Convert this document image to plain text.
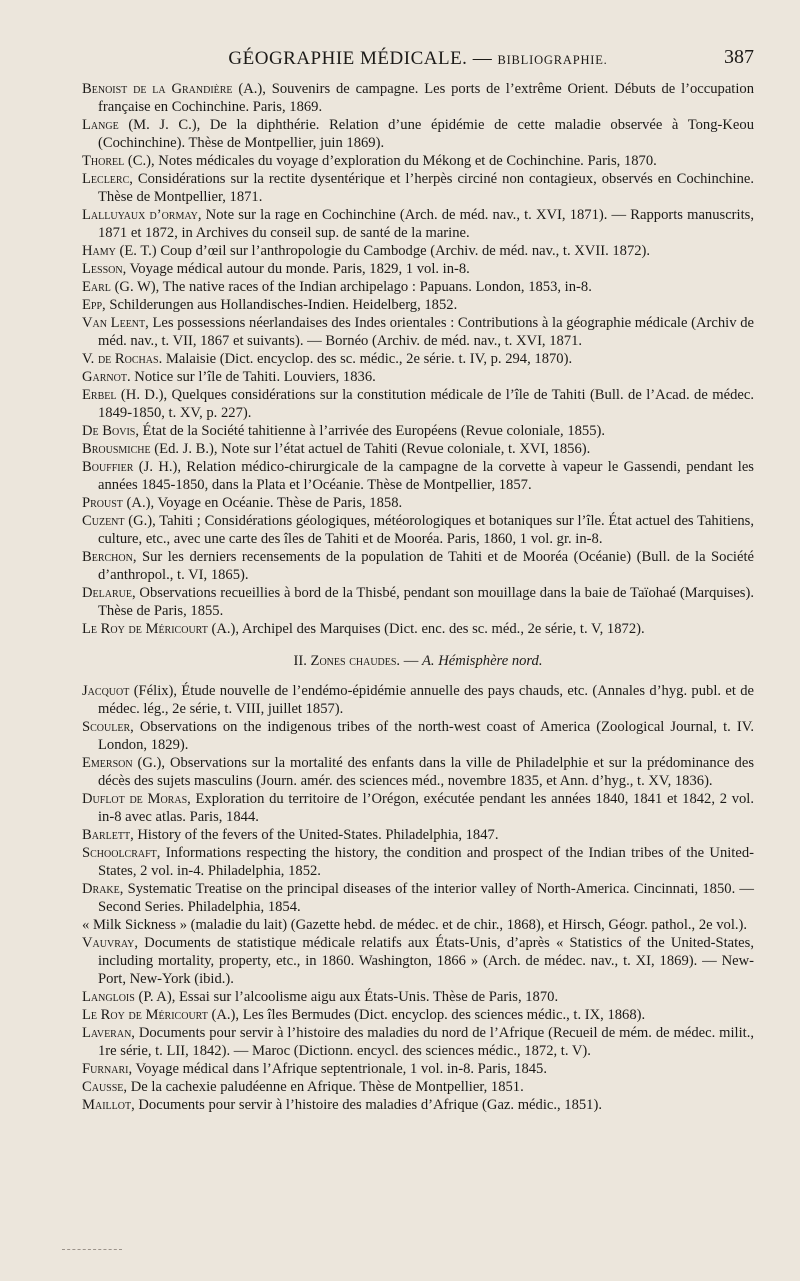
GÉOGRAPHIE MÉDICALE. — BIBLIOGRAPHIE.	387
Benoist de la Grandière (A.), Souvenirs de campagne. Les ports de l’extrême Orient. Débuts de l’occupation française en Cochinchine. Paris, 1869.
Lange (M. J. C.), De la diphthérie. Relation d’une épidémie de cette maladie observée à Tong-Keou (Cochinchine). Thèse de Montpellier, juin 1869).
Thorel (C.), Notes médicales du voyage d’exploration du Mékong et de Cochinchine. Paris, 1870.
Leclerc, Considérations sur la rectite dysentérique et l’herpès circiné non contagieux, observés en Cochinchine. Thèse de Montpellier, 1871.
Lalluyaux d’ormay, Note sur la rage en Cochinchine (Arch. de méd. nav., t. XVI, 1871). — Rapports manuscrits, 1871 et 1872, in Archives du conseil sup. de santé de la marine.
Hamy (E. T.) Coup d’œil sur l’anthropologie du Cambodge (Archiv. de méd. nav., t. XVII. 1872).
Lesson, Voyage médical autour du monde. Paris, 1829, 1 vol. in-8.
Earl (G. W), The native races of the Indian archipelago : Papuans. London, 1853, in-8.
Epp, Schilderungen aus Hollandisches-Indien. Heidelberg, 1852.
Van Leent, Les possessions néerlandaises des Indes orientales : Contributions à la géographie médicale (Archiv de méd. nav., t. VII, 1867 et suivants). — Bornéo (Archiv. de méd. nav., t. XVI, 1871.
V. de Rochas. Malaisie (Dict. encyclop. des sc. médic., 2e série. t. IV, p. 294, 1870).
Garnot. Notice sur l’île de Tahiti. Louviers, 1836.
Erbel (H. D.), Quelques considérations sur la constitution médicale de l’île de Tahiti (Bull. de l’Acad. de médec. 1849-1850, t. XV, p. 227).
De Bovis, État de la Société tahitienne à l’arrivée des Européens (Revue coloniale, 1855).
Brousmiche (Ed. J. B.), Note sur l’état actuel de Tahiti (Revue coloniale, t. XVI, 1856).
Bouffier (J. H.), Relation médico-chirurgicale de la campagne de la corvette à vapeur le Gassendi, pendant les années 1845-1850, dans la Plata et l’Océanie. Thèse de Montpellier, 1857.
Proust (A.), Voyage en Océanie. Thèse de Paris, 1858.
Cuzent (G.), Tahiti ; Considérations géologiques, météorologiques et botaniques sur l’île. État actuel des Tahitiens, culture, etc., avec une carte des îles de Tahiti et de Mooréa. Paris, 1860, 1 vol. gr. in-8.
Berchon, Sur les derniers recensements de la population de Tahiti et de Mooréa (Océanie) (Bull. de la Société d’anthropol., t. VI, 1865).
Delarue, Observations recueillies à bord de la Thisbé, pendant son mouillage dans la baie de Taïohaé (Marquises). Thèse de Paris, 1855.
Le Roy de Méricourt (A.), Archipel des Marquises (Dict. enc. des sc. méd., 2e série, t. V, 1872).
II. Zones chaudes. — A. Hémisphère nord.
Jacquot (Félix), Étude nouvelle de l’endémo-épidémie annuelle des pays chauds, etc. (Annales d’hyg. publ. et de médec. lég., 2e série, t. VIII, juillet 1857).
Scouler, Observations on the indigenous tribes of the north-west coast of America (Zoological Journal, t. IV. London, 1829).
Emerson (G.), Observations sur la mortalité des enfants dans la ville de Philadelphie et sur la prédominance des décès des sujets masculins (Journ. amér. des sciences méd., novembre 1835, et Ann. d’hyg., t. XV, 1836).
Duflot de Moras, Exploration du territoire de l’Orégon, exécutée pendant les années 1840, 1841 et 1842, 2 vol. in-8 avec atlas. Paris, 1844.
Barlett, History of the fevers of the United-States. Philadelphia, 1847.
Schoolcraft, Informations respecting the history, the condition and prospect of the Indian tribes of the United-States, 2 vol. in-4. Philadelphia, 1852.
Drake, Systematic Treatise on the principal diseases of the interior valley of North-America. Cincinnati, 1850. — Second Series. Philadelphia, 1854.
« Milk Sickness » (maladie du lait) (Gazette hebd. de médec. et de chir., 1868), et Hirsch, Géogr. pathol., 2e vol.).
Vauvray, Documents de statistique médicale relatifs aux États-Unis, d’après « Statistics of the United-States, including mortality, property, etc., in 1860. Washington, 1866 » (Arch. de médec. nav., t. XI, 1869). — New-Port, New-York (ibid.).
Langlois (P. A), Essai sur l’alcoolisme aigu aux États-Unis. Thèse de Paris, 1870.
Le Roy de Méricourt (A.), Les îles Bermudes (Dict. encyclop. des sciences médic., t. IX, 1868).
Laveran, Documents pour servir à l’histoire des maladies du nord de l’Afrique (Recueil de mém. de médec. milit., 1re série, t. LII, 1842). — Maroc (Dictionn. encycl. des sciences médic., 1872, t. V).
Furnari, Voyage médical dans l’Afrique septentrionale, 1 vol. in-8. Paris, 1845.
Causse, De la cachexie paludéenne en Afrique. Thèse de Montpellier, 1851.
Maillot, Documents pour servir à l’histoire des maladies d’Afrique (Gaz. médic., 1851).
